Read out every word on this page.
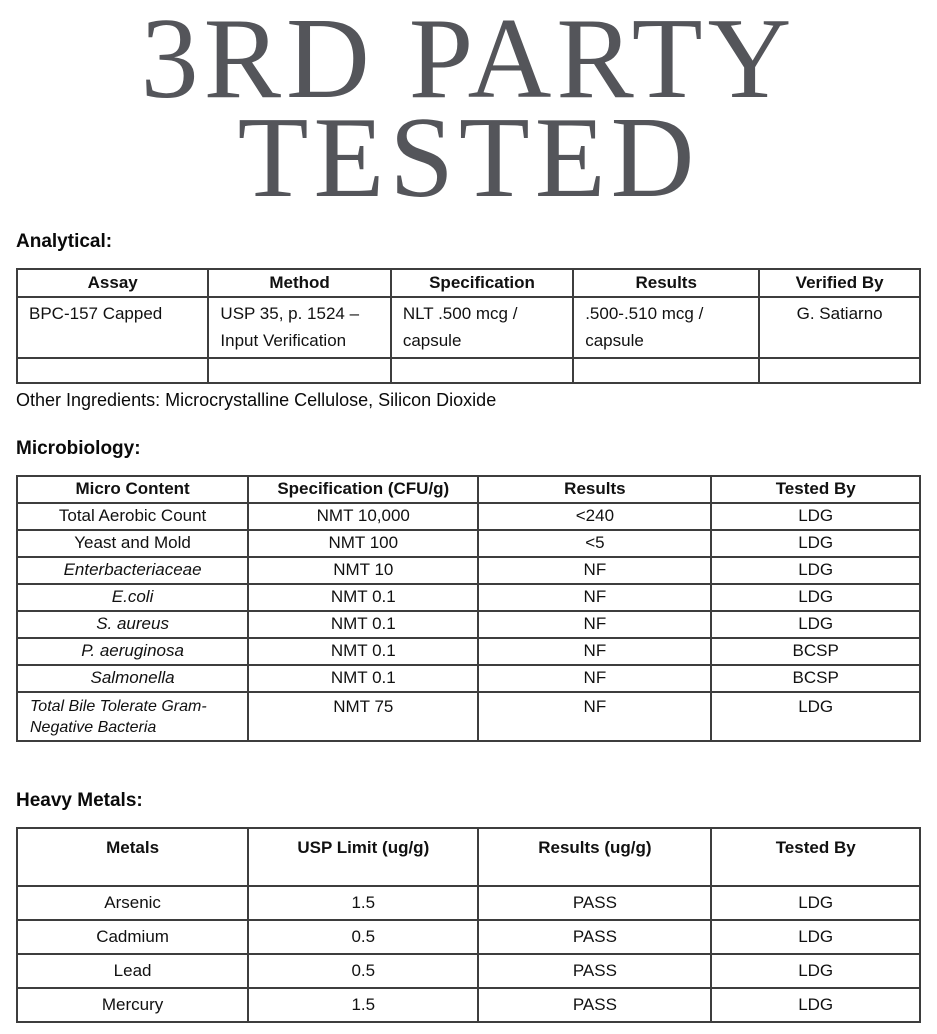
3RD PARTY
TESTED
Analytical:
Assay	Method	Specification	Results	Verified By
BPC-157 Capped	USP 35, p. 1524 – Input Verification	NLT .500 mcg / capsule	.500-.510 mcg / capsule	G. Satiarno

Other Ingredients: Microcrystalline Cellulose, Silicon Dioxide
Microbiology:
Micro Content	Specification (CFU/g)	Results	Tested By
Total Aerobic Count	NMT 10,000	<240	LDG
Yeast and Mold	NMT 100	<5	LDG
Enterbacteriaceae	NMT 10	NF	LDG
E.coli	NMT 0.1	NF	LDG
S. aureus	NMT 0.1	NF	LDG
P. aeruginosa	NMT 0.1	NF	BCSP
Salmonella	NMT 0.1	NF	BCSP
Total Bile Tolerate Gram-Negative Bacteria	NMT 75	NF	LDG
Heavy Metals:
Metals	USP Limit (ug/g)	Results (ug/g)	Tested By
Arsenic	1.5	PASS	LDG
Cadmium	0.5	PASS	LDG
Lead	0.5	PASS	LDG
Mercury	1.5	PASS	LDG
